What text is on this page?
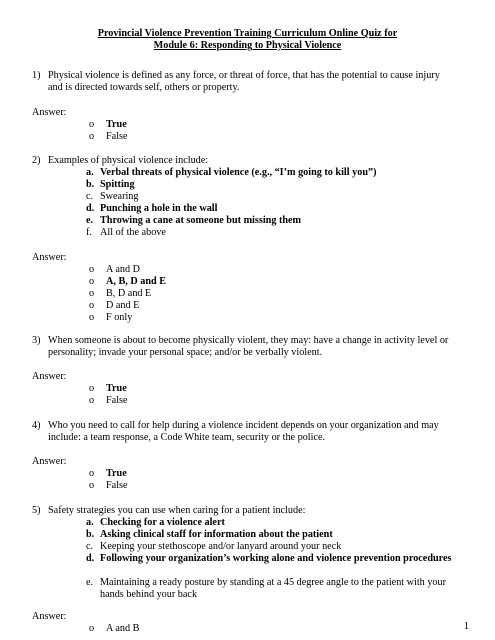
Provincial Violence Prevention Training Curriculum Online Quiz for
Module 6: Responding to Physical Violence
1) Physical violence is defined as any force, or threat of force, that has the potential to cause injury and is directed towards self, others or property.
Answer:
o True
o False
2) Examples of physical violence include:
a. Verbal threats of physical violence (e.g., “I’m going to kill you”)
b. Spitting
c. Swearing
d. Punching a hole in the wall
e. Throwing a cane at someone but missing them
f. All of the above
Answer:
o A and D
o A, B, D and E
o B, D and E
o D and E
o F only
3) When someone is about to become physically violent, they may: have a change in activity level or personality; invade your personal space; and/or be verbally violent.
Answer:
o True
o False
4) Who you need to call for help during a violence incident depends on your organization and may include: a team response, a Code White team, security or the police.
Answer:
o True
o False
5) Safety strategies you can use when caring for a patient include:
a. Checking for a violence alert
b. Asking clinical staff for information about the patient
c. Keeping your stethoscope and/or lanyard around your neck
d. Following your organization’s working alone and violence prevention procedures
e. Maintaining a ready posture by standing at a 45 degree angle to the patient with your hands behind your back
Answer:
o A and B	1
